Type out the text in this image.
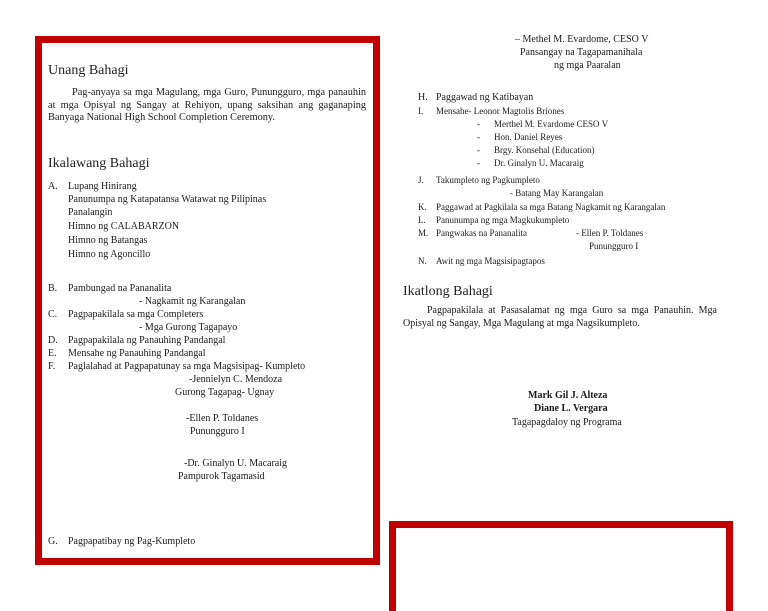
Unang Bahagi
Pag-anyaya sa mga Magulang, mga Guro, Punungguro, mga panauhin at mga Opisyal ng Sangay at Rehiyon, upang saksihan ang gaganaping Banyaga National High School Completion Ceremony.
Ikalawang Bahagi
A. Lupang Hinirang
Panunumpa ng Katapatansa Watawat ng Pilipinas
Panalangin
Himno ng CALABARZON
Himno ng Batangas
Himno ng Agoncillo
B. Pambungad na Pananalita
- Nagkamit ng Karangalan
C. Pagpapakilala sa mga Completers
- Mga Gurong Tagapayo
D. Pagpapakilala ng Panauhing Pandangal
E. Mensahe ng Panauhing Pandangal
F. Paglalahad at Pagpapatunay sa mga Magsisipag- Kumpleto
-Jennielyn C. Mendoza
Gurong Tagapag- Ugnay
-Ellen P. Toldanes
Punungguro I
-Dr. Ginalyn U. Macaraig
Pampurok Tagamasid
G. Pagpapatibay ng Pag-Kumpleto
– Methel M. Evardome, CESO V
Pansangay na Tagapamanihala
ng mga Paaralan
H. Paggawad ng Katibayan
I. Mensahe- Leonor Magtolis Briones
- Merthel M. Evardome CESO V
- Hon. Daniel Reyes
- Brgy. Konsehal (Education)
- Dr. Ginalyn U. Macaraig
J. Takumpleto ng Pagkumpleto
- Batang May Karangalan
K. Paggawad at Pagkilala sa mga Batang Nagkamit ng Karangalan
L. Panunumpa ng mga Magkukumpleto
M. Pangwakas na Pananalita	- Ellen P. Toldanes
Punungguro I
N. Awit ng mga Magsisipagtapos
Ikatlong Bahagi
Pagpapakilala at Pasasalamat ng mga Guro sa mga Panauhin. Mga Opisyal ng Sangay, Mga Magulang at mga Nagsikumpleto.
Mark Gil J. Alteza
Diane L. Vergara
Tagapagdaloy ng Programa
